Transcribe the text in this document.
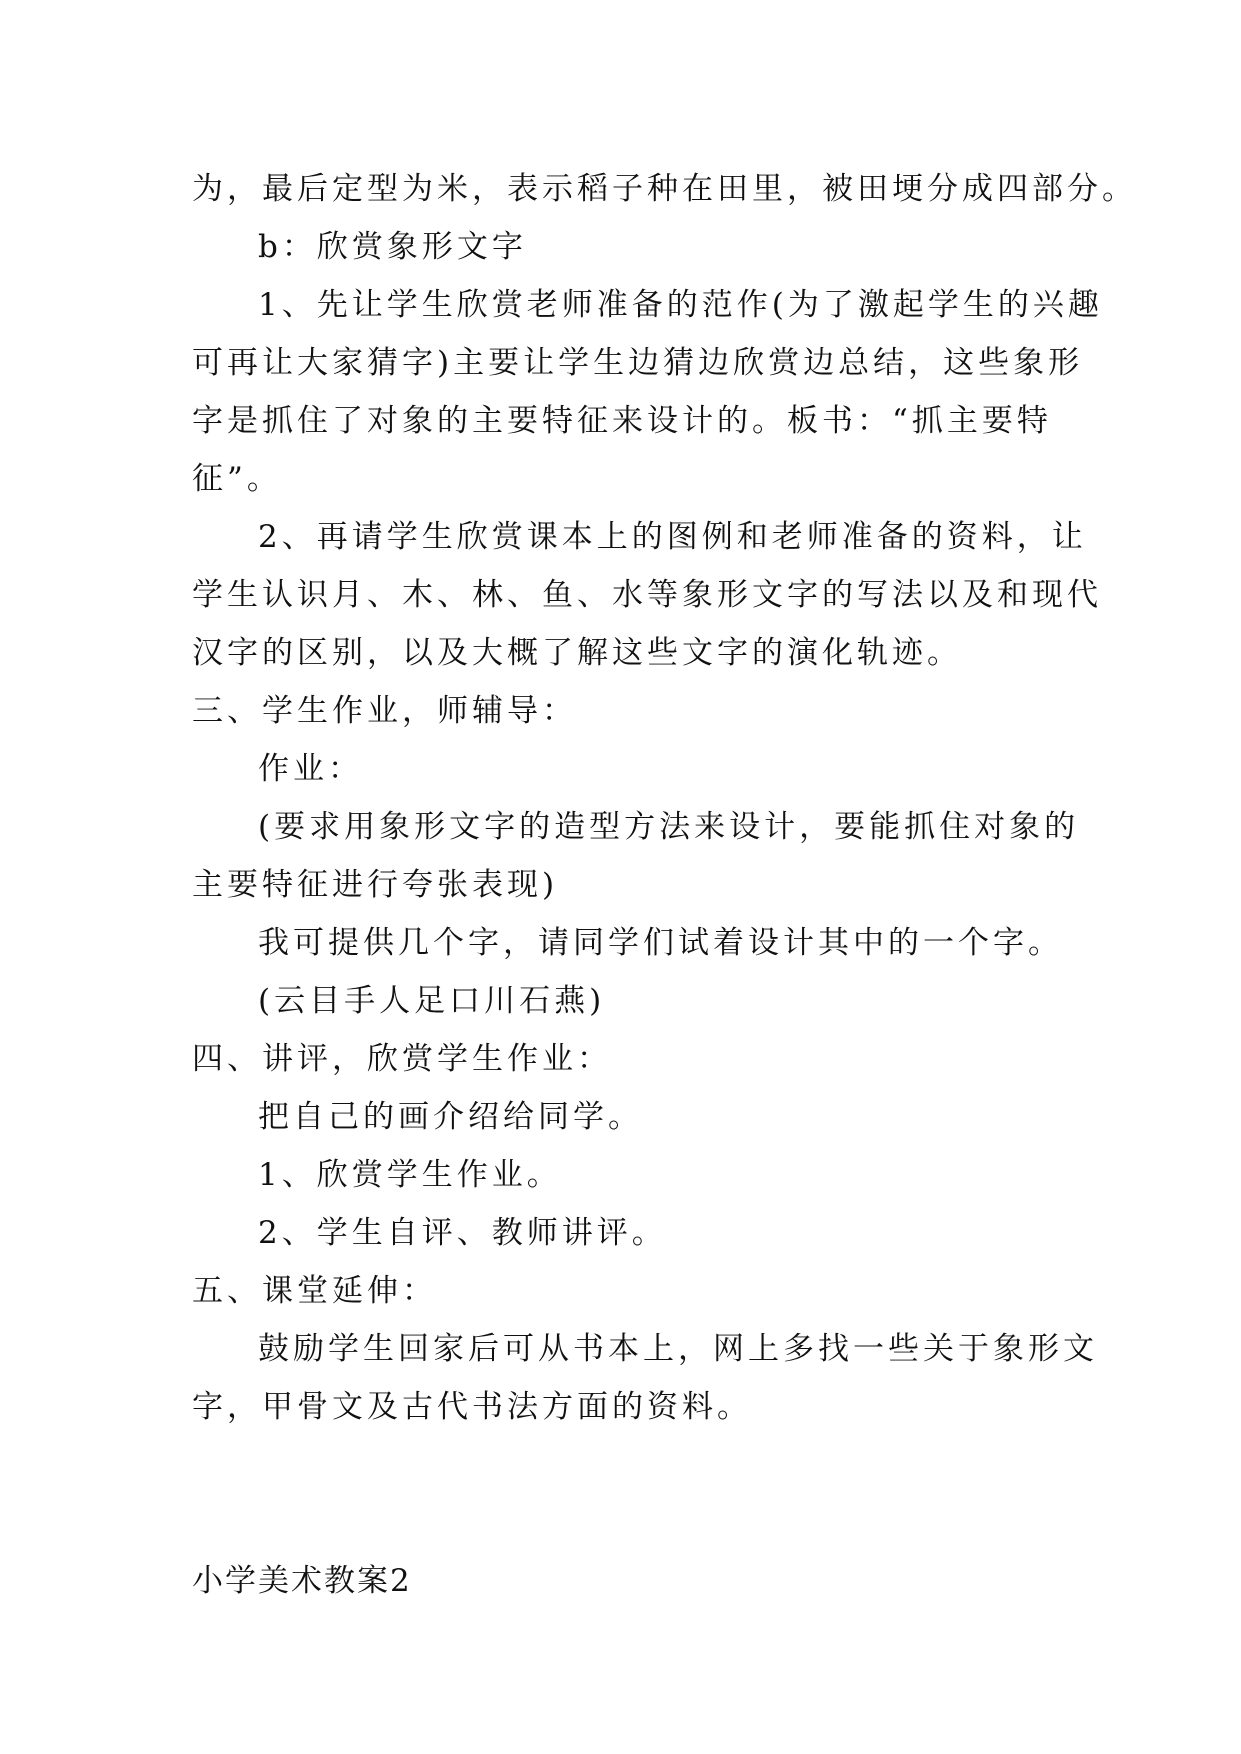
为，最后定型为米，表示稻子种在田里，被田埂分成四部分。
b：欣赏象形文字
1、先让学生欣赏老师准备的范作(为了激起学生的兴趣
可再让大家猜字)主要让学生边猜边欣赏边总结，这些象形
字是抓住了对象的主要特征来设计的。板书：“抓主要特
征”。
2、再请学生欣赏课本上的图例和老师准备的资料，让
学生认识月、木、林、鱼、水等象形文字的写法以及和现代
汉字的区别，以及大概了解这些文字的演化轨迹。
三、学生作业，师辅导：
作业：
(要求用象形文字的造型方法来设计，要能抓住对象的
主要特征进行夸张表现)
我可提供几个字，请同学们试着设计其中的一个字。
(云目手人足口川石燕)
四、讲评，欣赏学生作业：
把自己的画介绍给同学。
1、欣赏学生作业。
2、学生自评、教师讲评。
五、课堂延伸：
鼓励学生回家后可从书本上，网上多找一些关于象形文
字，甲骨文及古代书法方面的资料。
小学美术教案2
